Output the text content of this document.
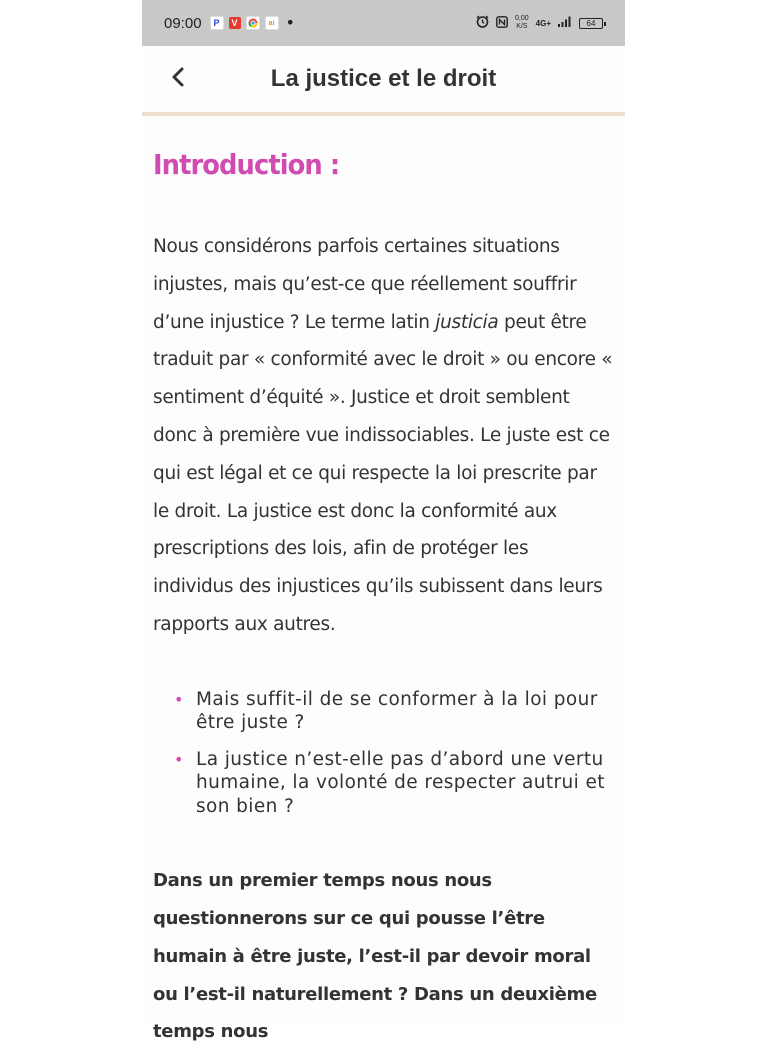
09:00	P	V	ai •	0,00
K/S 4G+	64
La justice et le droit
Introduction :

Nous considérons parfois certaines situations injustes, mais qu’est-ce que réellement souffrir d’une injustice ? Le terme latin justicia peut être traduit par « conformité avec le droit » ou encore « sentiment d’équité ». Justice et droit semblent donc à première vue indissociables. Le juste est ce qui est légal et ce qui respecte la loi prescrite par le droit. La justice est donc la conformité aux prescriptions des lois, afin de protéger les individus des injustices qu’ils subissent dans leurs rapports aux autres.

• Mais suffit-il de se conformer à la loi pour être juste ?
• La justice n’est-elle pas d’abord une vertu humaine, la volonté de respecter autrui et son bien ?

Dans un premier temps nous nous questionnerons sur ce qui pousse l’être humain à être juste, l’est-il par devoir moral ou l’est-il naturellement ? Dans un deuxième temps nous
